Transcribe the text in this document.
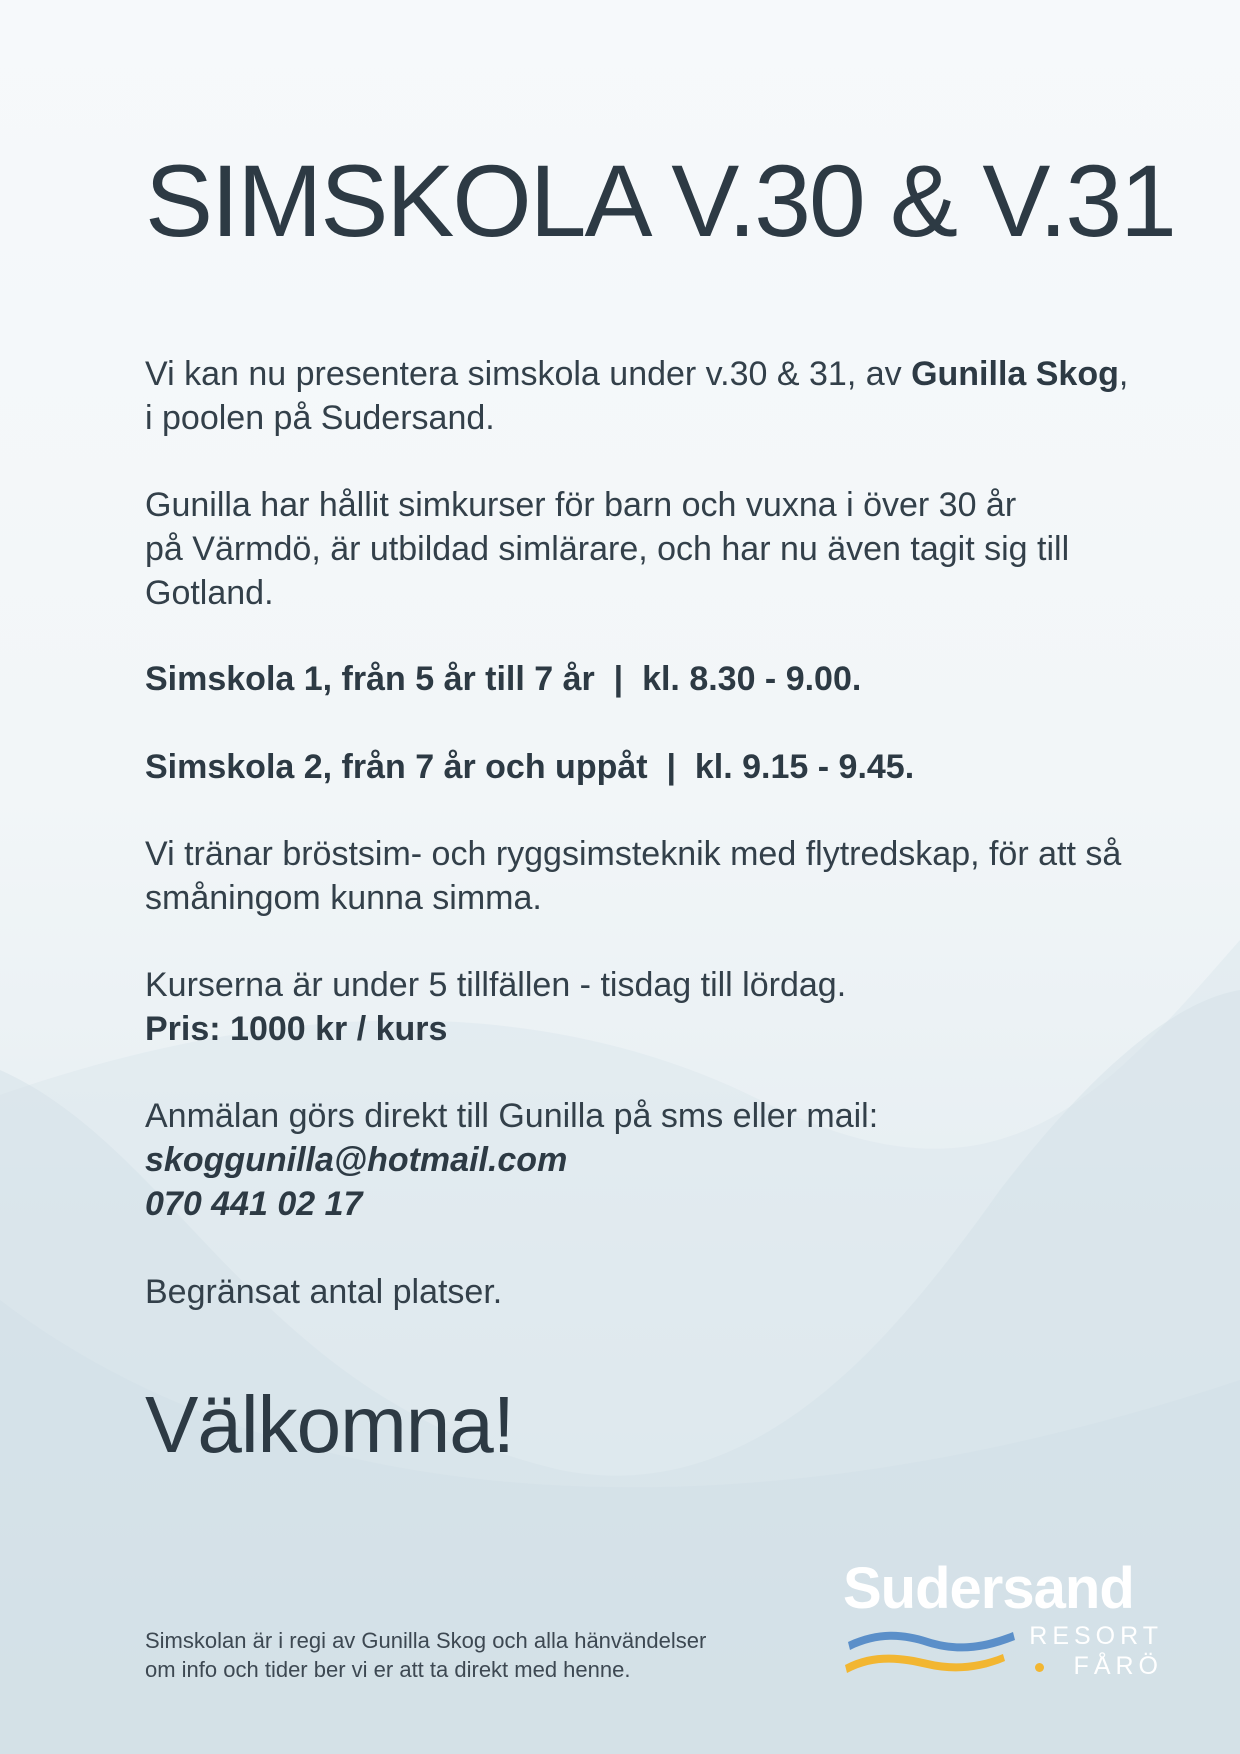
SIMSKOLA V.30 & V.31

Vi kan nu presentera simskola under v.30 & 31, av Gunilla Skog,
i poolen på Sudersand.

Gunilla har hållit simkurser för barn och vuxna i över 30 år
på Värmdö, är utbildad simlärare, och har nu även tagit sig till
Gotland.

Simskola 1, från 5 år till 7 år  |  kl. 8.30 - 9.00.

Simskola 2, från 7 år och uppåt  |  kl. 9.15 - 9.45.

Vi tränar bröstsim- och ryggsimsteknik med flytredskap, för att så
småningom kunna simma.

Kurserna är under 5 tillfällen - tisdag till lördag.
Pris: 1000 kr / kurs

Anmälan görs direkt till Gunilla på sms eller mail:
skoggunilla@hotmail.com
070 441 02 17

Begränsat antal platser.

Välkomna!

Simskolan är i regi av Gunilla Skog och alla hänvändelser
om info och tider ber vi er att ta direkt med henne.

Sudersand
RESORT
FÅRÖ
